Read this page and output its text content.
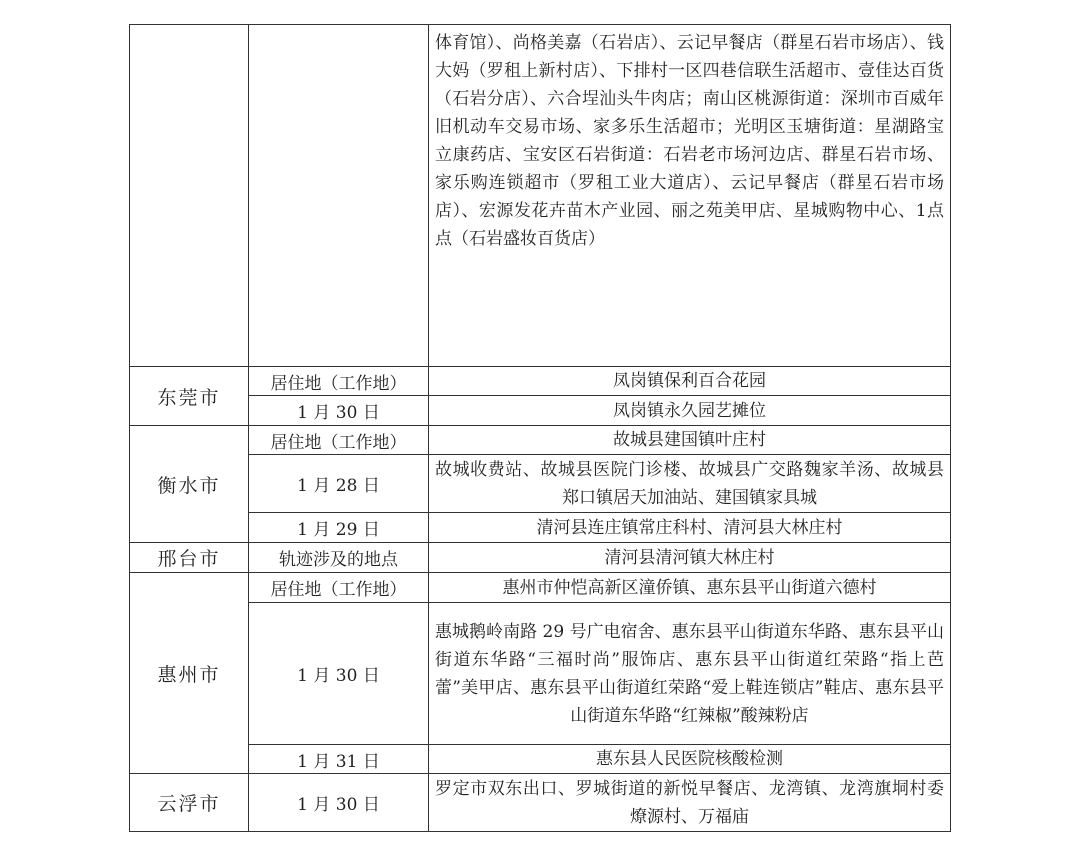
		体育馆）、尚格美嘉（石岩店）、云记早餐店（群星石岩市场店）、钱大妈（罗租上新村店）、下排村一区四巷信联生活超市、壹佳达百货（石岩分店）、六合埕汕头牛肉店；南山区桃源街道：深圳市百威年旧机动车交易市场、家多乐生活超市；光明区玉塘街道：星湖路宝立康药店、宝安区石岩街道：石岩老市场河边店、群星石岩市场、家乐购连锁超市（罗租工业大道店）、云记早餐店（群星石岩市场店）、宏源发花卉苗木产业园、丽之苑美甲店、星城购物中心、1点点（石岩盛妆百货店）
东莞市	居住地（工作地）	凤岗镇保利百合花园
	1 月 30 日	凤岗镇永久园艺摊位
衡水市	居住地（工作地）	故城县建国镇叶庄村
	1 月 28 日	故城收费站、故城县医院门诊楼、故城县广交路魏家羊汤、故城县郑口镇居天加油站、建国镇家具城
	1 月 29 日	清河县连庄镇常庄科村、清河县大林庄村
邢台市	轨迹涉及的地点	清河县清河镇大林庄村
惠州市	居住地（工作地）	惠州市仲恺高新区潼侨镇、惠东县平山街道六德村
	1 月 30 日	惠城鹅岭南路 29 号广电宿舍、惠东县平山街道东华路、惠东县平山街道东华路“三福时尚”服饰店、惠东县平山街道红荣路“指上芭蕾”美甲店、惠东县平山街道红荣路“爱上鞋连锁店”鞋店、惠东县平山街道东华路“红辣椒”酸辣粉店
	1 月 31 日	惠东县人民医院核酸检测
云浮市	1 月 30 日	罗定市双东出口、罗城街道的新悦早餐店、龙湾镇、龙湾旗垌村委燎源村、万福庙
